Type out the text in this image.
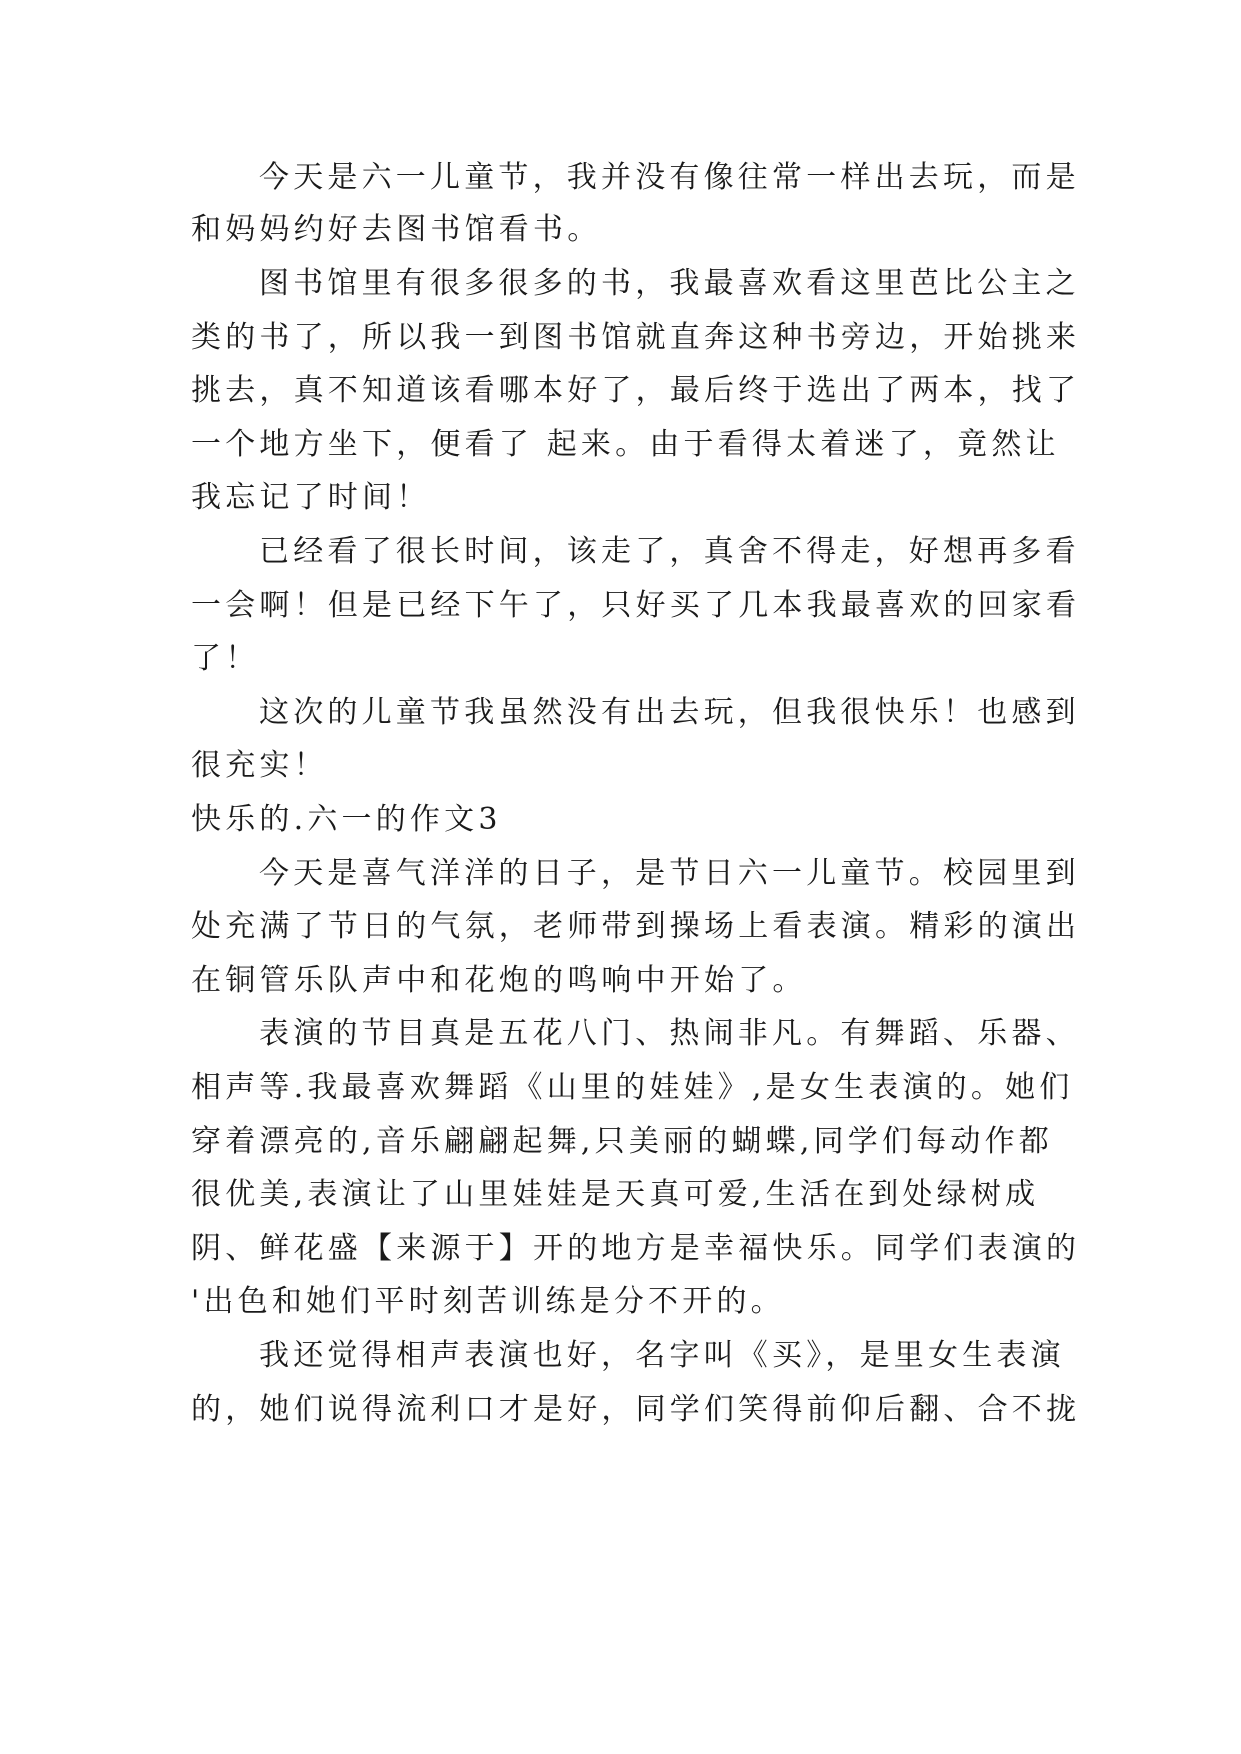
今天是六一儿童节，我并没有像往常一样出去玩，而是
和妈妈约好去图书馆看书。
图书馆里有很多很多的书，我最喜欢看这里芭比公主之
类的书了，所以我一到图书馆就直奔这种书旁边，开始挑来
挑去，真不知道该看哪本好了，最后终于选出了两本，找了
一个地方坐下，便看了 起来。由于看得太着迷了，竟然让
我忘记了时间！
已经看了很长时间，该走了，真舍不得走，好想再多看
一会啊！但是已经下午了，只好买了几本我最喜欢的回家看
了！
这次的儿童节我虽然没有出去玩，但我很快乐！也感到
很充实！
快乐的.六一的作文3
今天是喜气洋洋的日子，是节日六一儿童节。校园里到
处充满了节日的气氛，老师带到操场上看表演。精彩的演出
在铜管乐队声中和花炮的鸣响中开始了。
表演的节目真是五花八门、热闹非凡。有舞蹈、乐器、
相声等.我最喜欢舞蹈《山里的娃娃》,是女生表演的。她们
穿着漂亮的,音乐翩翩起舞,只美丽的蝴蝶,同学们每动作都
很优美,表演让了山里娃娃是天真可爱,生活在到处绿树成
阴、鲜花盛【来源于】开的地方是幸福快乐。同学们表演的
'出色和她们平时刻苦训练是分不开的。
我还觉得相声表演也好，名字叫《买》，是里女生表演
的，她们说得流利口才是好，同学们笑得前仰后翻、合不拢
